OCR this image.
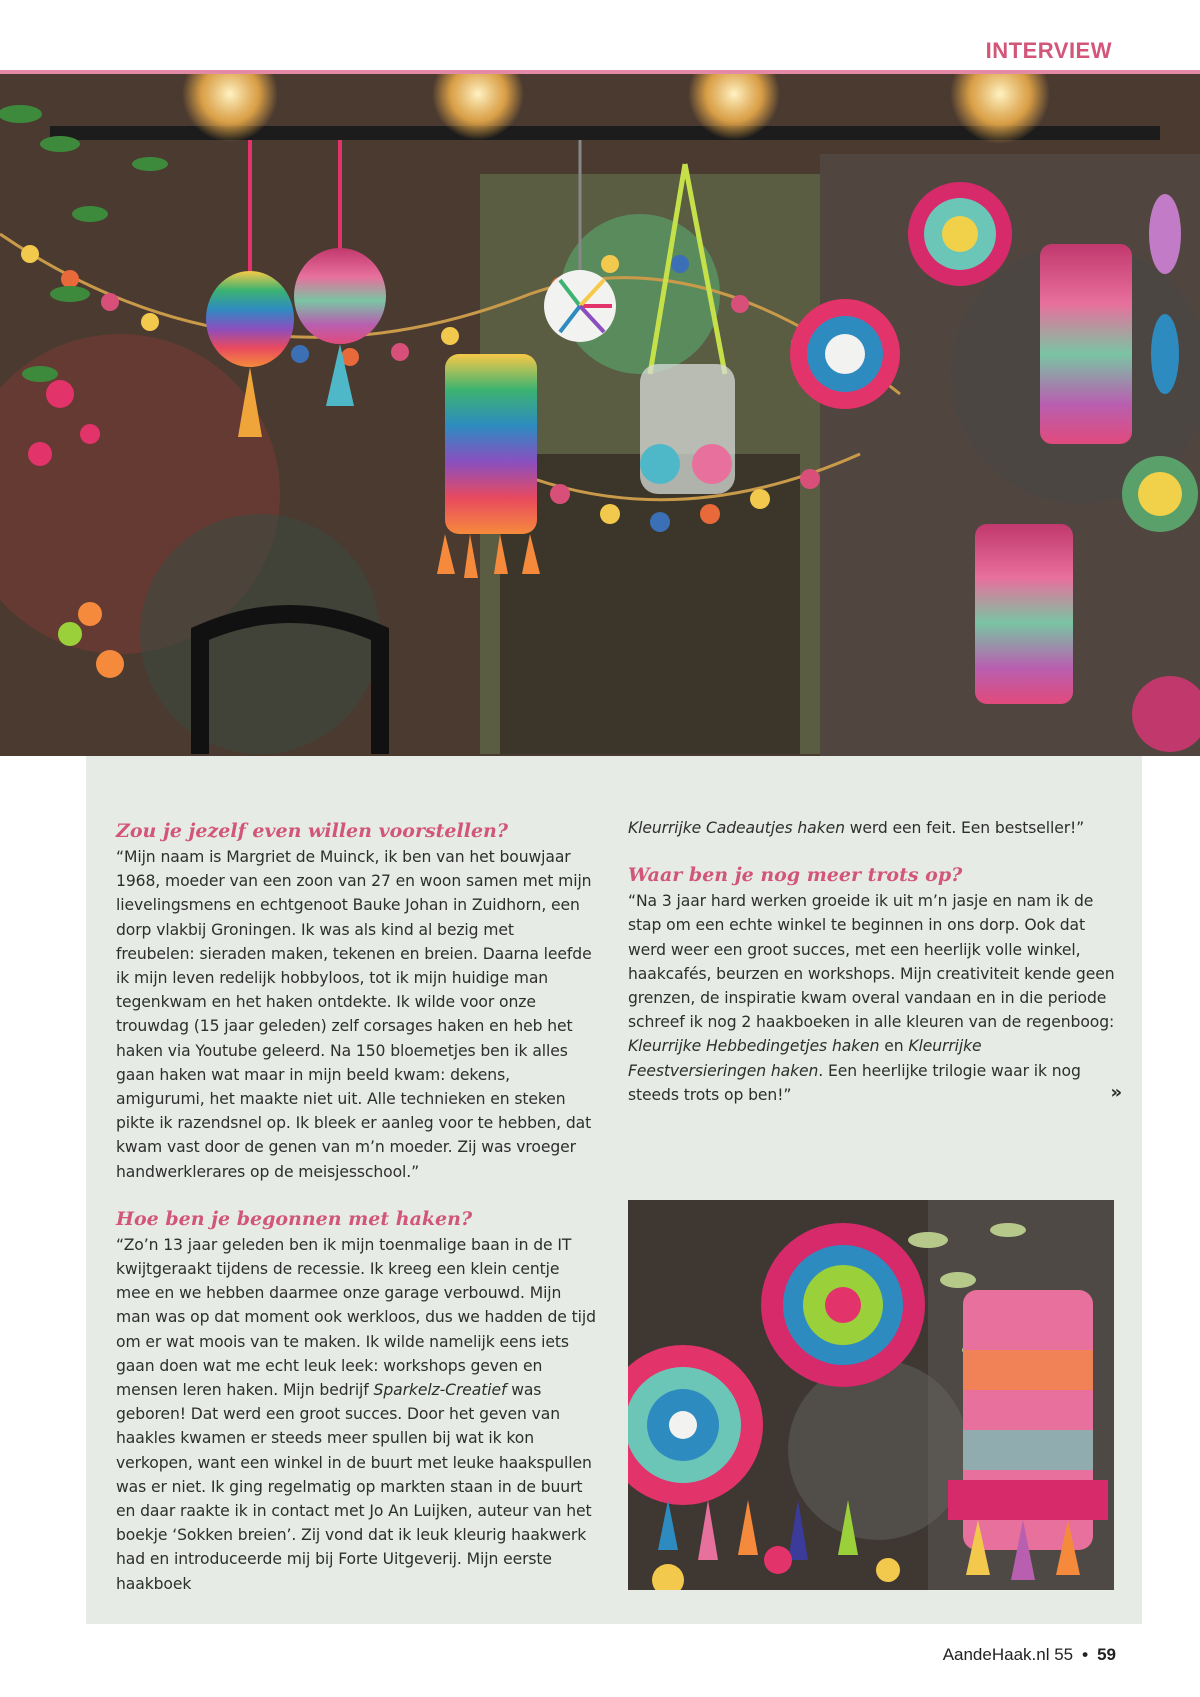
INTERVIEW
Zou je jezelf even willen voorstellen?

“Mijn naam is Margriet de Muinck, ik ben van het bouwjaar 1968, moeder van een zoon van 27 en woon samen met mijn lievelingsmens en echtgenoot Bauke Johan in Zuidhorn, een dorp vlakbij Groningen. Ik was als kind al bezig met freubelen: sieraden maken, tekenen en breien. Daarna leefde ik mijn leven redelijk hobbyloos, tot ik mijn huidige man tegenkwam en het haken ontdekte. Ik wilde voor onze trouwdag (15 jaar geleden) zelf corsages haken en heb het haken via Youtube geleerd. Na 150 bloemetjes ben ik alles gaan haken wat maar in mijn beeld kwam: dekens, amigurumi, het maakte niet uit. Alle technieken en steken pikte ik razendsnel op. Ik bleek er aanleg voor te hebben, dat kwam vast door de genen van m’n moeder. Zij was vroeger handwerklerares op de meisjesschool.”

Hoe ben je begonnen met haken?

“Zo’n 13 jaar geleden ben ik mijn toenmalige baan in de IT kwijtgeraakt tijdens de recessie. Ik kreeg een klein centje mee en we hebben daarmee onze garage verbouwd. Mijn man was op dat moment ook werkloos, dus we hadden de tijd om er wat moois van te maken. Ik wilde namelijk eens iets gaan doen wat me echt leuk leek: workshops geven en mensen leren haken. Mijn bedrijf Sparkelz-Creatief was geboren! Dat werd een groot succes. Door het geven van haakles kwamen er steeds meer spullen bij wat ik kon verkopen, want een winkel in de buurt met leuke haakspullen was er niet. Ik ging regelmatig op markten staan in de buurt en daar raakte ik in contact met Jo An Luijken, auteur van het boekje ‘Sokken breien’. Zij vond dat ik leuk kleurig haakwerk had en introduceerde mij bij Forte Uitgeverij. Mijn eerste haakboek

Kleurrijke Cadeautjes haken werd een feit. Een bestseller!”

Waar ben je nog meer trots op?

“Na 3 jaar hard werken groeide ik uit m’n jasje en nam ik de stap om een echte winkel te beginnen in ons dorp. Ook dat werd weer een groot succes, met een heerlijk volle winkel, haakcafés, beurzen en workshops. Mijn creativiteit kende geen grenzen, de inspiratie kwam overal vandaan en in die periode schreef ik nog 2 haakboeken in alle kleuren van de regenboog: Kleurrijke Hebbedingetjes haken en Kleurrijke Feestversieringen haken. Een heerlijke trilogie waar ik nog steeds trots op ben!”	»

AandeHaak.nl 55 • 59
